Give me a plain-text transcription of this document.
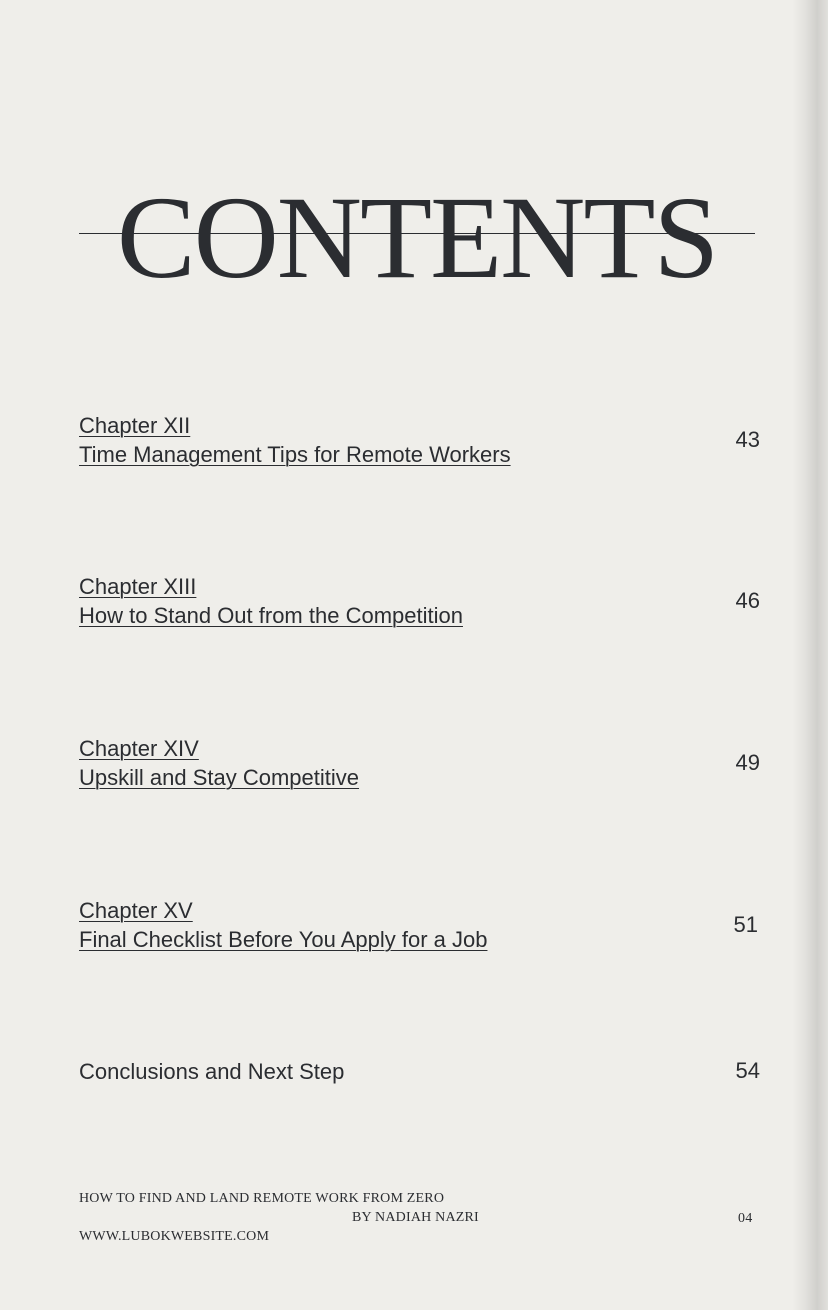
CONTENTS
Chapter XII
Time Management Tips for Remote Workers
43
Chapter XIII
How to Stand Out from the Competition
46
Chapter XIV
Upskill and Stay Competitive
49
Chapter XV
Final Checklist Before You Apply for a Job
51
Conclusions and Next Step	54
HOW TO FIND AND LAND REMOTE WORK FROM ZERO
BY NADIAH NAZRI
WWW.LUBOKWEBSITE.COM
04
